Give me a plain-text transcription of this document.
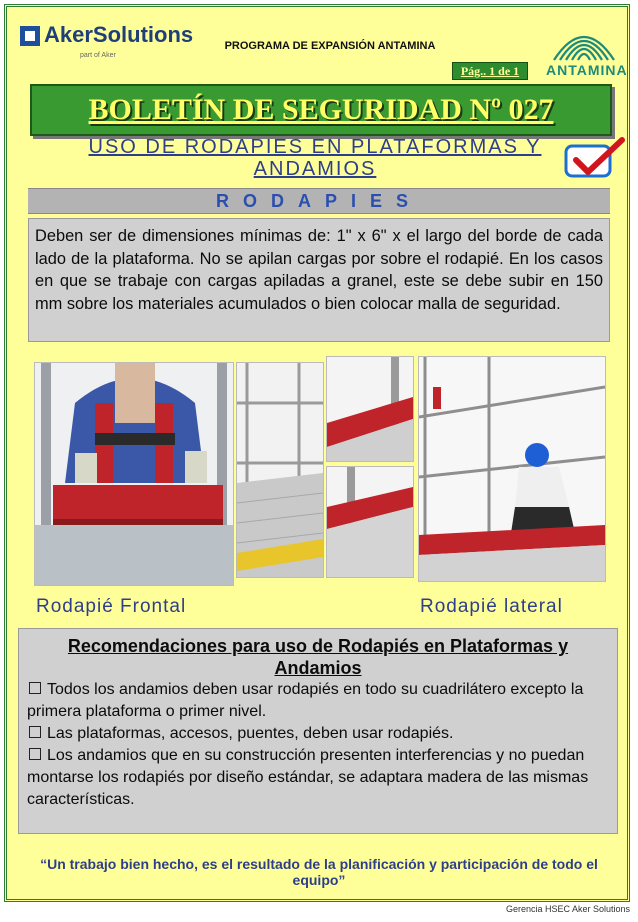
AkerSolutions
part of Aker
PROGRAMA DE EXPANSIÓN ANTAMINA
Pág.. 1 de 1	ANTAMINA
BOLETÍN DE SEGURIDAD Nº 027
USO DE RODAPIES EN PLATAFORMAS Y
ANDAMIOS
RODAPIES

Deben ser de dimensiones mínimas de: 1" x 6" x el largo del borde de cada lado de la plataforma. No se apilan cargas por sobre el rodapié. En los casos en que se trabaje con cargas apiladas a granel, este se debe subir en 150 mm sobre los materiales acumulados o bien colocar malla de seguridad.

Rodapié Frontal	Rodapié lateral
Recomendaciones para uso de Rodapiés en Plataformas y Andamios

Todos los andamios deben usar rodapiés en todo su cuadrilátero excepto la primera plataforma o primer nivel.

Las plataformas, accesos, puentes, deben usar rodapiés.

Los andamios que en su construcción presenten interferencias y no puedan montarse los rodapiés por diseño estándar, se adaptara madera de las mismas características.

“Un trabajo bien hecho, es el resultado de la planificación y participación de todo el equipo”
Gerencia HSEC Aker Solutions
